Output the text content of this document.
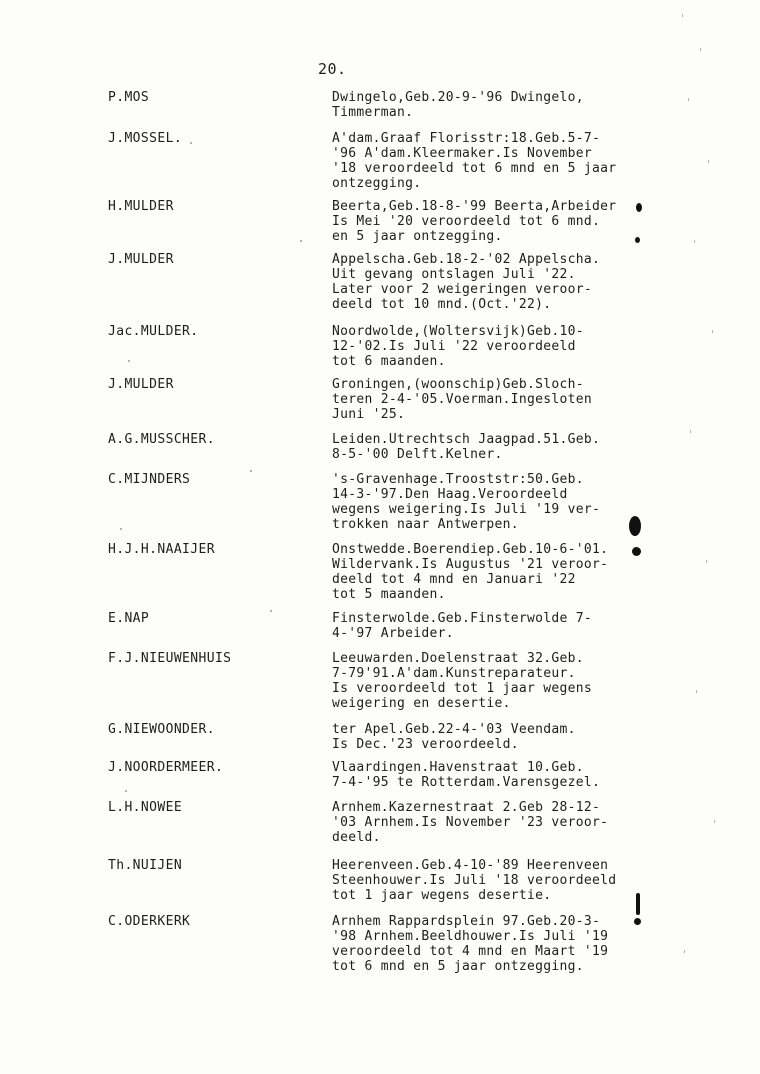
20.
P.MOS	Dwingelo,Geb.20-9-'96 Dwingelo,
Timmerman.
J.MOSSEL.	A'dam.Graaf Florisstr:18.Geb.5-7-
'96 A'dam.Kleermaker.Is November
'18 veroordeeld tot 6 mnd en 5 jaar
ontzegging.
H.MULDER	Beerta,Geb.18-8-'99 Beerta,Arbeider
Is Mei '20 veroordeeld tot 6 mnd.
en 5 jaar ontzegging.
J.MULDER	Appelscha.Geb.18-2-'02 Appelscha.
Uit gevang ontslagen Juli '22.
Later voor 2 weigeringen veroor-
deeld tot 10 mnd.(Oct.'22).
Jac.MULDER.	Noordwolde,(Woltersvijk)Geb.10-
12-'02.Is Juli '22 veroordeeld
tot 6 maanden.
J.MULDER	Groningen,(woonschip)Geb.Sloch-
teren 2-4-'05.Voerman.Ingesloten
Juni '25.
A.G.MUSSCHER.	Leiden.Utrechtsch Jaagpad.51.Geb.
8-5-'00 Delft.Kelner.
C.MIJNDERS	's-Gravenhage.Trooststr:50.Geb.
14-3-'97.Den Haag.Veroordeeld
wegens weigering.Is Juli '19 ver-
trokken naar Antwerpen.
H.J.H.NAAIJER	Onstwedde.Boerendiep.Geb.10-6-'01.
Wildervank.Is Augustus '21 veroor-
deeld tot 4 mnd en Januari '22
tot 5 maanden.
E.NAP	Finsterwolde.Geb.Finsterwolde 7-
4-'97 Arbeider.
F.J.NIEUWENHUIS	Leeuwarden.Doelenstraat 32.Geb.
7-79'91.A'dam.Kunstreparateur.
Is veroordeeld tot 1 jaar wegens
weigering en desertie.
G.NIEWOONDER.	ter Apel.Geb.22-4-'03 Veendam.
Is Dec.'23 veroordeeld.
J.NOORDERMEER.	Vlaardingen.Havenstraat 10.Geb.
7-4-'95 te Rotterdam.Varensgezel.
L.H.NOWEE	Arnhem.Kazernestraat 2.Geb 28-12-
'03 Arnhem.Is November '23 veroor-
deeld.
Th.NUIJEN	Heerenveen.Geb.4-10-'89 Heerenveen
Steenhouwer.Is Juli '18 veroordeeld
tot 1 jaar wegens desertie.
C.ODERKERK	Arnhem Rappardsplein 97.Geb.20-3-
'98 Arnhem.Beeldhouwer.Is Juli '19
veroordeeld tot 4 mnd en Maart '19
tot 6 mnd en 5 jaar ontzegging.
